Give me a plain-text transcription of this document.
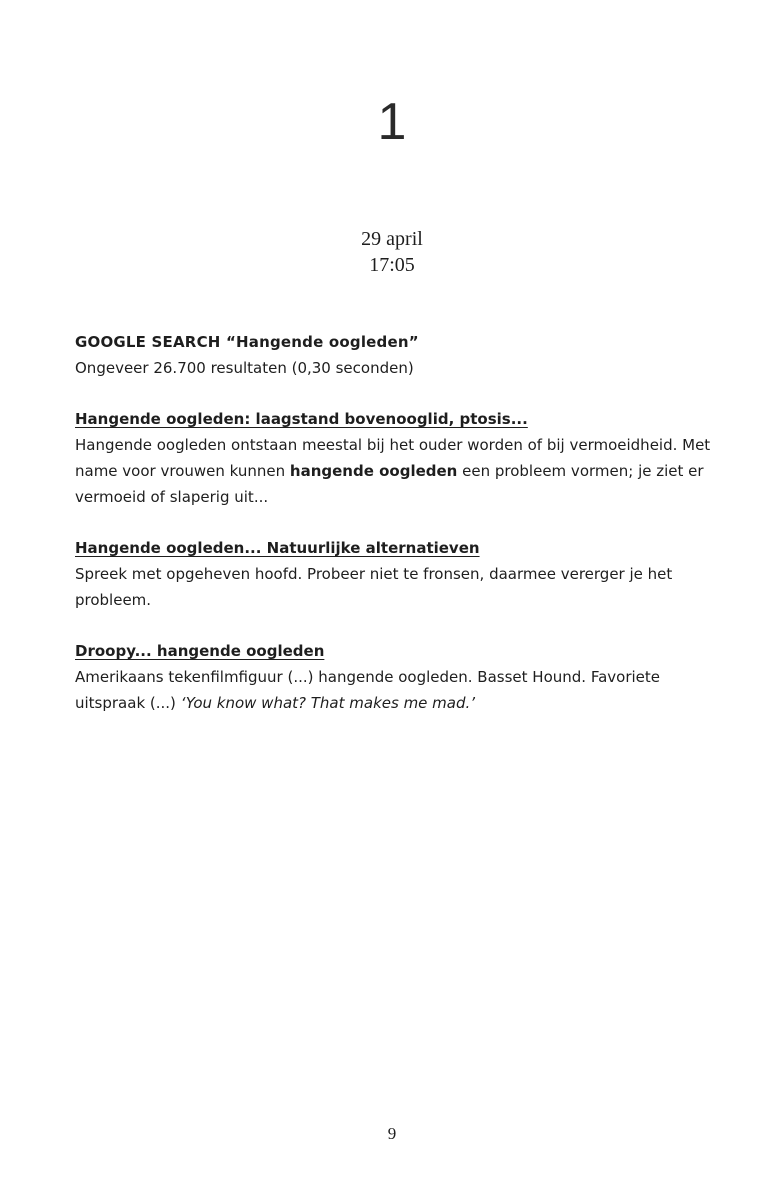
1
29 april
17:05
GOOGLE SEARCH “Hangende oogleden”
Ongeveer 26.700 resultaten (0,30 seconden)
Hangende oogleden: laagstand bovenooglid, ptosis...
Hangende oogleden ontstaan meestal bij het ouder worden of bij vermoeidheid. Met name voor vrouwen kunnen hangende oogleden een probleem vormen; je ziet er vermoeid of slaperig uit...
Hangende oogleden... Natuurlijke alternatieven
Spreek met opgeheven hoofd. Probeer niet te fronsen, daarmee vererger je het probleem.
Droopy... hangende oogleden
Amerikaans tekenfilmfiguur (...) hangende oogleden. Basset Hound. Favoriete uitspraak (...) ‘You know what? That makes me mad.’
9
